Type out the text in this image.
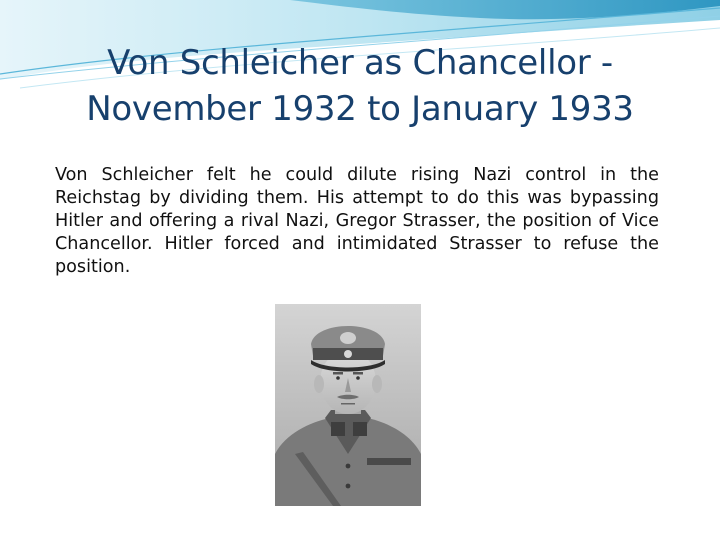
Von Schleicher as Chancellor - November 1932 to January 1933
Von Schleicher felt he could dilute rising Nazi control in the Reichstag by dividing them. His attempt to do this was bypassing Hitler and offering a rival Nazi, Gregor Strasser, the position of Vice Chancellor. Hitler forced and intimidated Strasser to refuse the position.
